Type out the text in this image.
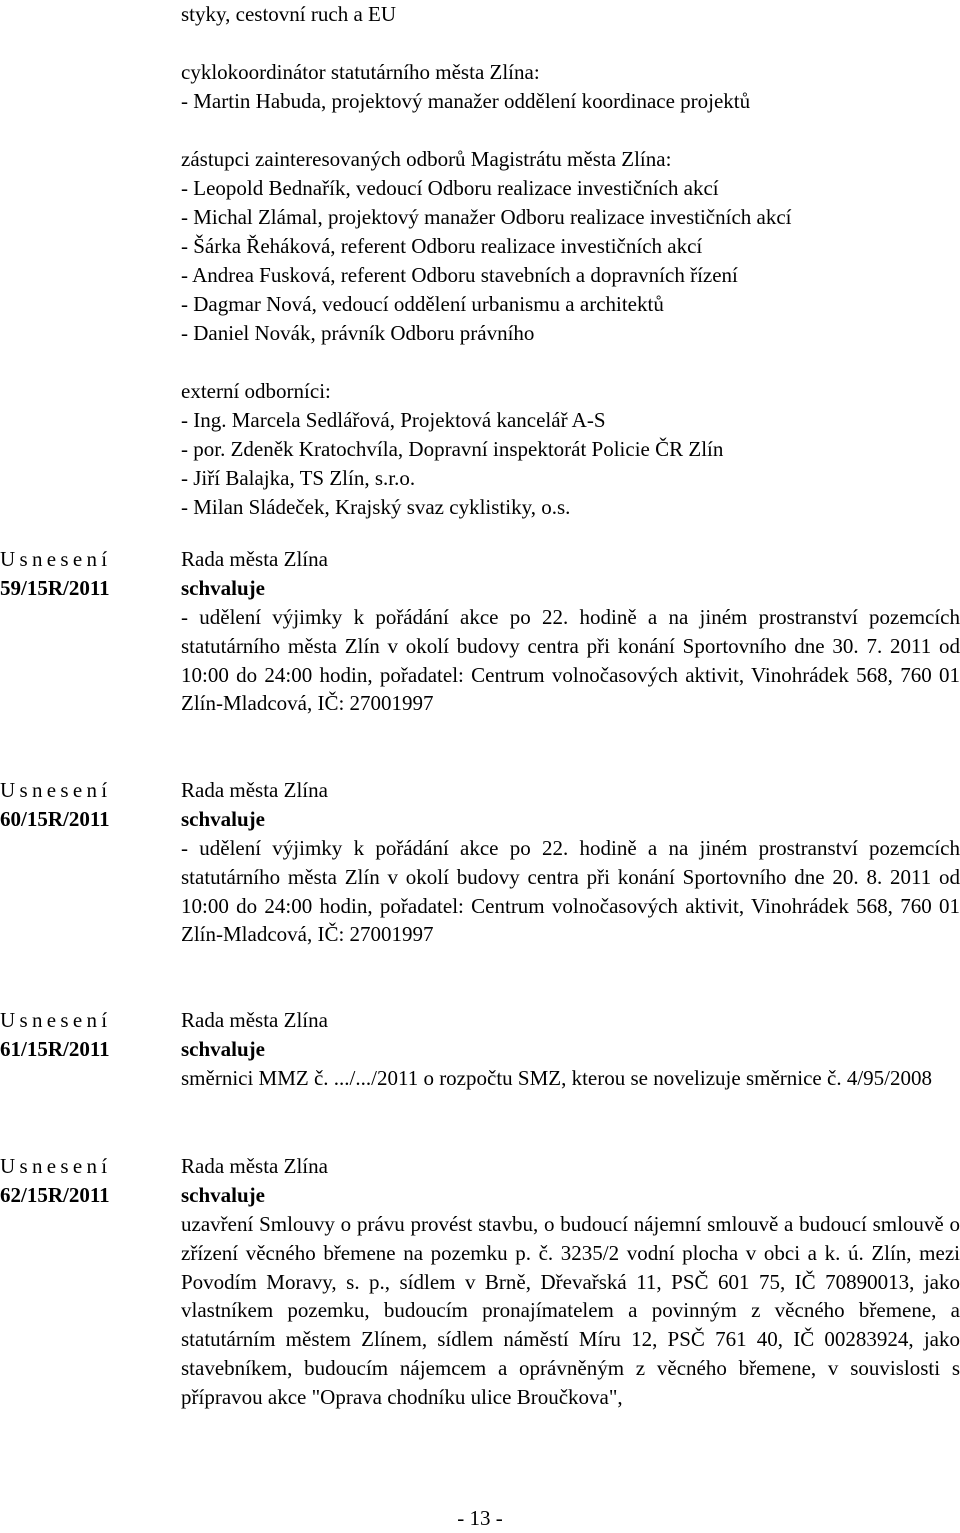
styky, cestovní ruch a EU
cyklokoordinátor statutárního města Zlína:
- Martin Habuda, projektový manažer oddělení koordinace projektů
zástupci zainteresovaných odborů Magistrátu města Zlína:
- Leopold Bednařík, vedoucí Odboru realizace investičních akcí
- Michal Zlámal, projektový manažer Odboru realizace investičních akcí
- Šárka Řeháková, referent Odboru realizace investičních akcí
- Andrea Fusková, referent Odboru stavebních a dopravních řízení
- Dagmar Nová, vedoucí oddělení urbanismu a architektů
- Daniel Novák, právník Odboru právního
externí odborníci:
- Ing. Marcela Sedlářová, Projektová kancelář A-S
- por. Zdeněk Kratochvíla, Dopravní inspektorát Policie ČR Zlín
- Jiří Balajka, TS Zlín, s.r.o.
- Milan Sládeček, Krajský svaz cyklistiky, o.s.
Usnesení
59/15R/2011
Rada města Zlína
schvaluje

- udělení výjimky k pořádání akce po 22. hodině a na jiném prostranství pozemcích statutárního města Zlín v okolí budovy centra při konání Sportovního dne 30. 7. 2011 od 10:00 do 24:00 hodin, pořadatel: Centrum volnočasových aktivit, Vinohrádek 568, 760 01 Zlín-Mladcová, IČ: 27001997

Usnesení
60/15R/2011
Rada města Zlína
schvaluje

- udělení výjimky k pořádání akce po 22. hodině a na jiném prostranství pozemcích statutárního města Zlín v okolí budovy centra při konání Sportovního dne 20. 8. 2011 od 10:00 do 24:00 hodin, pořadatel: Centrum volnočasových aktivit, Vinohrádek 568, 760 01 Zlín-Mladcová, IČ: 27001997

Usnesení
61/15R/2011
Rada města Zlína
schvaluje

směrnici MMZ č. .../.../2011 o rozpočtu SMZ, kterou se novelizuje směrnice č. 4/95/2008

Usnesení
62/15R/2011
Rada města Zlína
schvaluje

uzavření Smlouvy o právu provést stavbu, o budoucí nájemní smlouvě a budoucí smlouvě o zřízení věcného břemene na pozemku p. č. 3235/2 vodní plocha v obci a k. ú. Zlín, mezi Povodím Moravy, s. p., sídlem v Brně, Dřevařská 11, PSČ 601 75, IČ 70890013, jako vlastníkem pozemku, budoucím pronajímatelem a povinným z věcného břemene, a statutárním městem Zlínem, sídlem náměstí Míru 12, PSČ 761 40, IČ 00283924, jako stavebníkem, budoucím nájemcem a oprávněným z věcného břemene, v souvislosti s přípravou akce "Oprava chodníku ulice Broučkova",

- 13 -
